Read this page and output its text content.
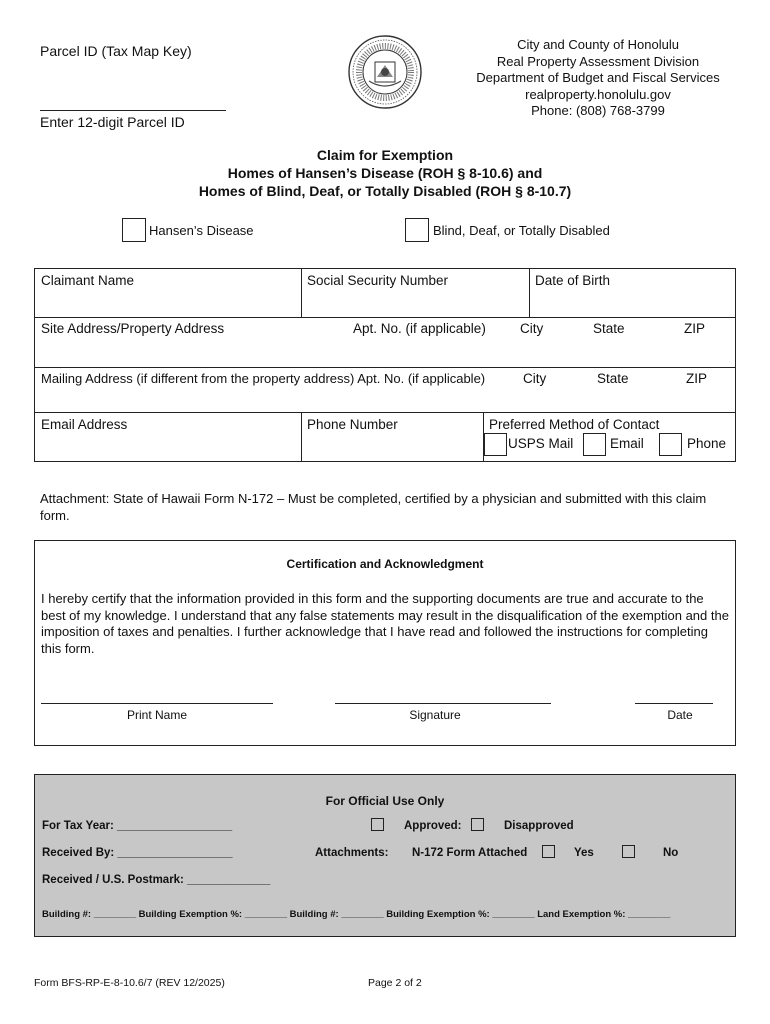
Parcel ID (Tax Map Key)
Enter 12-digit Parcel ID
City and County of Honolulu
Real Property Assessment Division
Department of Budget and Fiscal Services
realproperty.honolulu.gov
Phone: (808) 768-3799
Claim for Exemption
Homes of Hansen’s Disease (ROH § 8-10.6) and
Homes of Blind, Deaf, or Totally Disabled (ROH § 8-10.7)
Hansen’s Disease	Blind, Deaf, or Totally Disabled
Claimant Name	Social Security Number	Date of Birth
Site Address/Property Address	Apt. No. (if applicable)	City	State	ZIP
Mailing Address (if different from the property address) Apt. No. (if applicable)	City	State	ZIP
Email Address	Phone Number	Preferred Method of Contact
USPS Mail	Email	Phone
Attachment: State of Hawaii Form N-172 – Must be completed, certified by a physician and submitted with this claim form.
Certification and Acknowledgment
I hereby certify that the information provided in this form and the supporting documents are true and accurate to the best of my knowledge. I understand that any false statements may result in the disqualification of the exemption and the imposition of taxes and penalties. I further acknowledge that I have read and followed the instructions for completing this form.
Print Name	Signature	Date
For Official Use Only
For Tax Year: __________________	Approved:	Disapproved
Received By: __________________	Attachments: N-172 Form Attached	Yes	No
Received / U.S. Postmark: _____________
Building #: ________ Building Exemption %: ________ Building #: ________ Building Exemption %: ________ Land Exemption %: ________
Form BFS-RP-E-8-10.6/7 (REV 12/2025)	Page 2 of 2
